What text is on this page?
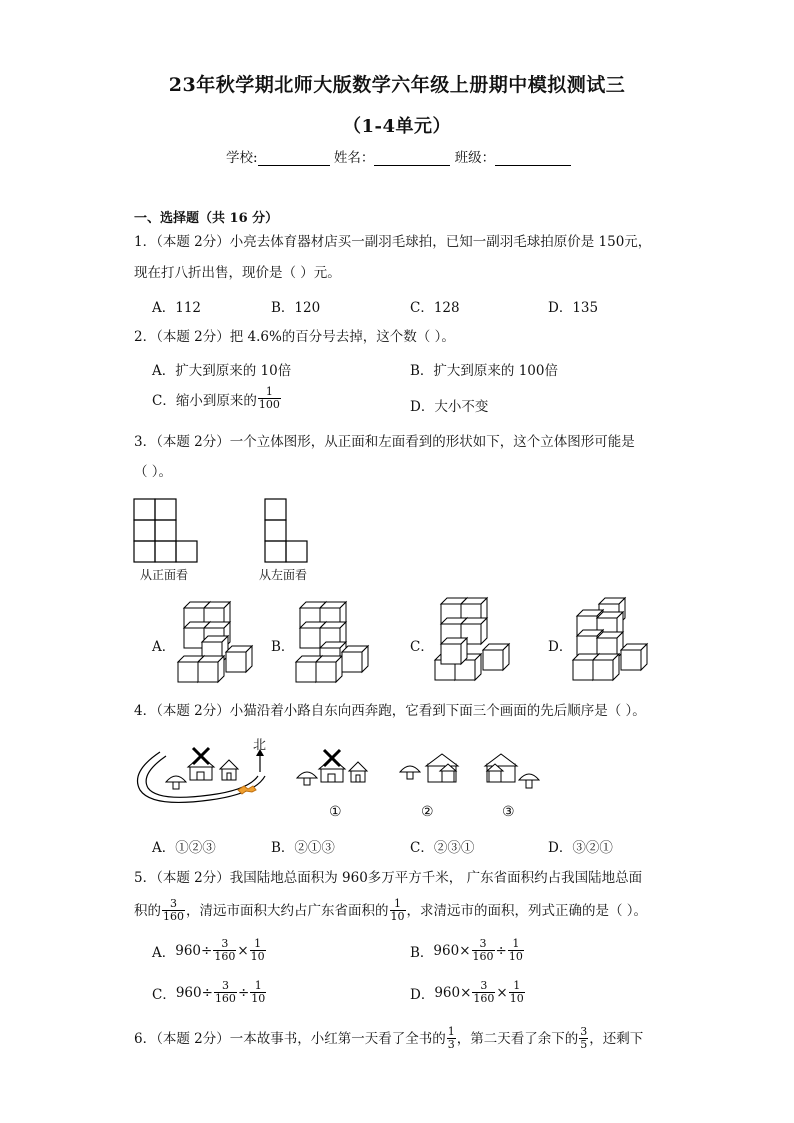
23年秋学期北师大版数学六年级上册期中模拟测试三
（1-4单元）
学校:	姓名：	班级：
一、选择题（共 16 分）
1．（本题 2分）小亮去体育器材店买一副羽毛球拍，已知一副羽毛球拍原价是 150元，
现在打八折出售，现价是（ ）元。
A．112	B．120	C．128	D．135
2．（本题 2分）把 4.6%的百分号去掉，这个数（ ）。
A．扩大到原来的 10倍	B．扩大到原来的 100倍
C．缩小到原来的 $\frac{1}{100}$	D．大小不变
3．（本题 2分）一个立体图形，从正面和左面看到的形状如下，这个立体图形可能是
（ ）。
从正面看	从左面看
A．	B．	C．	D．
4．（本题 2分）小猫沿着小路自东向西奔跑，它看到下面三个画面的先后顺序是（ ）。
北
①	②	③
A．①②③	B．②①③	C．②③①	D．③②①
5．（本题 2分）我国陆地总面积为 960多万平方千米， 广东省面积约占我国陆地总面
积的 $\frac{3}{160}$ ，清远市面积大约占广东省面积的 $\frac{1}{10}$ ，求清远市的面积，列式正确的是（ ）。
A． $960\div \frac{3}{160} \times \frac{1}{10}$	B． $960\times \frac{3}{160} \div \frac{1}{10}$
C． $960\div \frac{3}{160} \div \frac{1}{10}$	D． $960\times \frac{3}{160} \times \frac{1}{10}$
6．（本题 2分）一本故事书，小红第一天看了全书的 $\frac{1}{3}$ ，第二天看了余下的 $\frac{3}{5}$ ，还剩下
